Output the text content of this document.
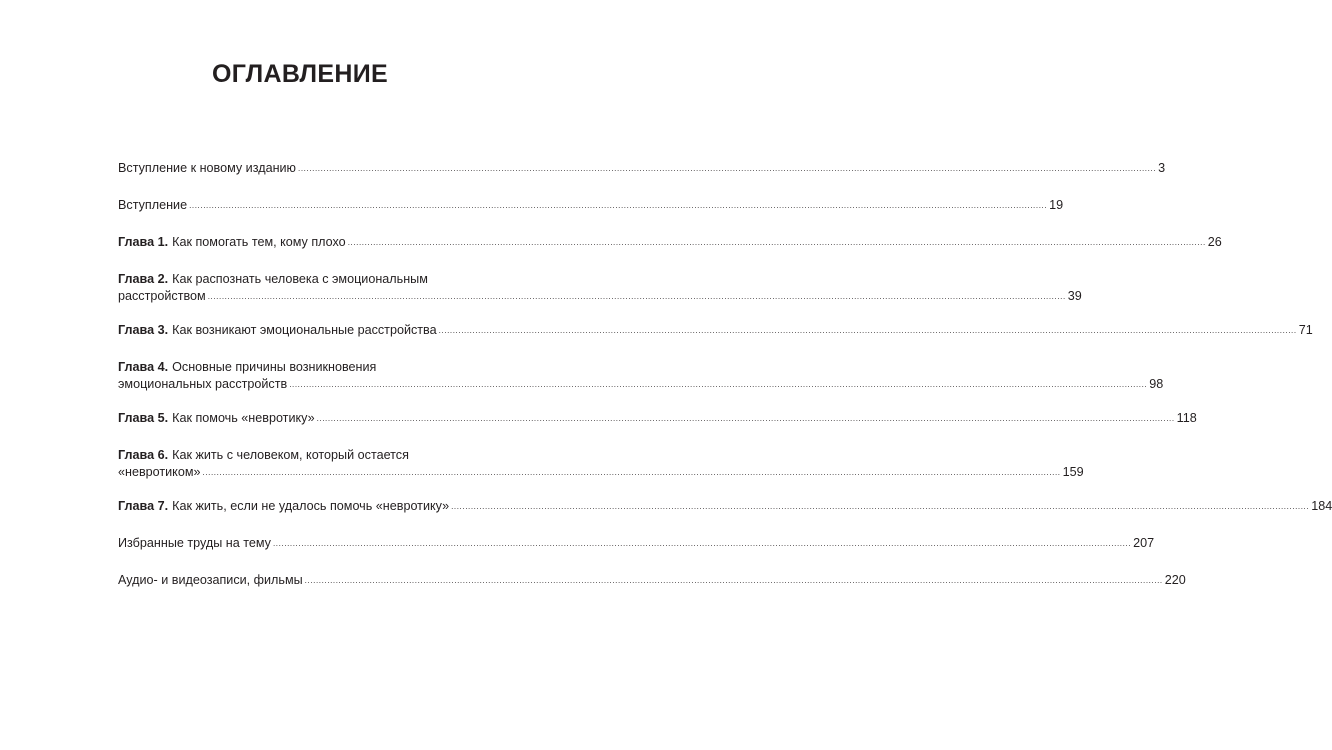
ОГЛАВЛЕНИЕ
Вступление к новому изданию .....	3
Вступление .....	19
Глава 1. Как помогать тем, кому плохо .....	26
Глава 2. Как распознать человека с эмоциональным
расстройством .....	39
Глава 3. Как возникают эмоциональные расстройства .....	71
Глава 4. Основные причины возникновения
эмоциональных расстройств .....	98
Глава 5. Как помочь «невротику» .....	118
Глава 6. Как жить с человеком, который остается
«невротиком» .....	159
Глава 7. Как жить, если не удалось помочь «невротику» .....	184
Избранные труды на тему .....	207
Аудио- и видеозаписи, фильмы .....	220
